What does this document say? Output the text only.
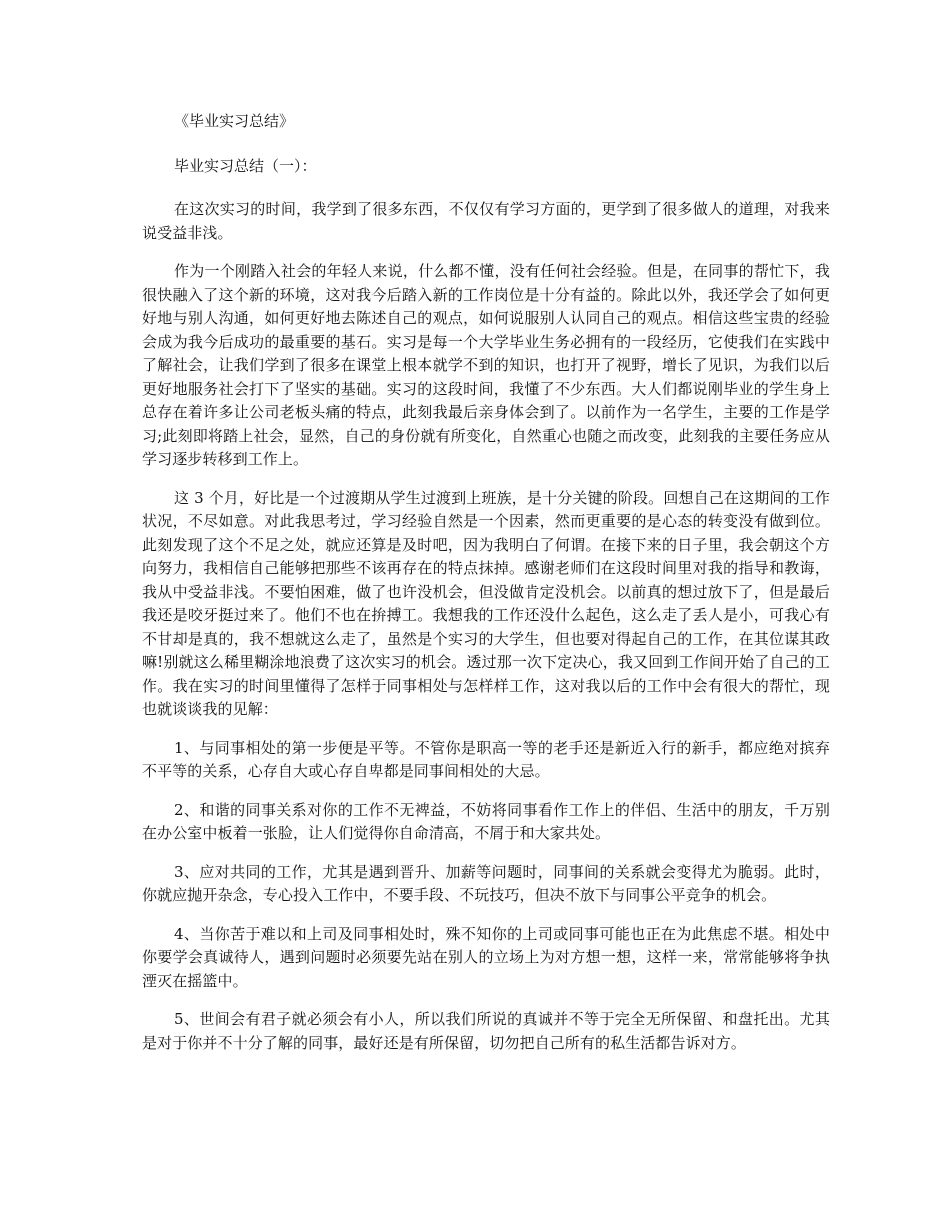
《毕业实习总结》

毕业实习总结（一）：

在这次实习的时间，我学到了很多东西，不仅仅有学习方面的，更学到了很多做人的道理，对我来说受益非浅。

作为一个刚踏入社会的年轻人来说，什么都不懂，没有任何社会经验。但是，在同事的帮忙下，我很快融入了这个新的环境，这对我今后踏入新的工作岗位是十分有益的。除此以外，我还学会了如何更好地与别人沟通，如何更好地去陈述自己的观点，如何说服别人认同自己的观点。相信这些宝贵的经验会成为我今后成功的最重要的基石。实习是每一个大学毕业生务必拥有的一段经历，它使我们在实践中了解社会，让我们学到了很多在课堂上根本就学不到的知识，也打开了视野，增长了见识，为我们以后更好地服务社会打下了坚实的基础。实习的这段时间，我懂了不少东西。大人们都说刚毕业的学生身上总存在着许多让公司老板头痛的特点，此刻我最后亲身体会到了。以前作为一名学生，主要的工作是学习;此刻即将踏上社会，显然，自己的身份就有所变化，自然重心也随之而改变，此刻我的主要任务应从学习逐步转移到工作上。

这 3 个月，好比是一个过渡期从学生过渡到上班族，是十分关键的阶段。回想自己在这期间的工作状况，不尽如意。对此我思考过，学习经验自然是一个因素，然而更重要的是心态的转变没有做到位。此刻发现了这个不足之处，就应还算是及时吧，因为我明白了何谓。在接下来的日子里，我会朝这个方向努力，我相信自己能够把那些不该再存在的特点抹掉。感谢老师们在这段时间里对我的指导和教诲，我从中受益非浅。不要怕困难，做了也许没机会，但没做肯定没机会。以前真的想过放下了，但是最后我还是咬牙挺过来了。他们不也在拚搏工。我想我的工作还没什么起色，这么走了丢人是小，可我心有不甘却是真的，我不想就这么走了，虽然是个实习的大学生，但也要对得起自己的工作，在其位谋其政嘛!别就这么稀里糊涂地浪费了这次实习的机会。透过那一次下定决心，我又回到工作间开始了自己的工作。我在实习的时间里懂得了怎样于同事相处与怎样样工作，这对我以后的工作中会有很大的帮忙，现也就谈谈我的见解：

1、与同事相处的第一步便是平等。不管你是职高一等的老手还是新近入行的新手，都应绝对摈弃不平等的关系，心存自大或心存自卑都是同事间相处的大忌。

2、和谐的同事关系对你的工作不无裨益，不妨将同事看作工作上的伴侣、生活中的朋友，千万别在办公室中板着一张脸，让人们觉得你自命清高，不屑于和大家共处。

3、应对共同的工作，尤其是遇到晋升、加薪等问题时，同事间的关系就会变得尤为脆弱。此时，你就应抛开杂念，专心投入工作中，不要手段、不玩技巧，但决不放下与同事公平竞争的机会。

4、当你苦于难以和上司及同事相处时，殊不知你的上司或同事可能也正在为此焦虑不堪。相处中你要学会真诚待人，遇到问题时必须要先站在别人的立场上为对方想一想，这样一来，常常能够将争执湮灭在摇篮中。

5、世间会有君子就必须会有小人，所以我们所说的真诚并不等于完全无所保留、和盘托出。尤其是对于你并不十分了解的同事，最好还是有所保留，切勿把自己所有的私生活都告诉对方。
